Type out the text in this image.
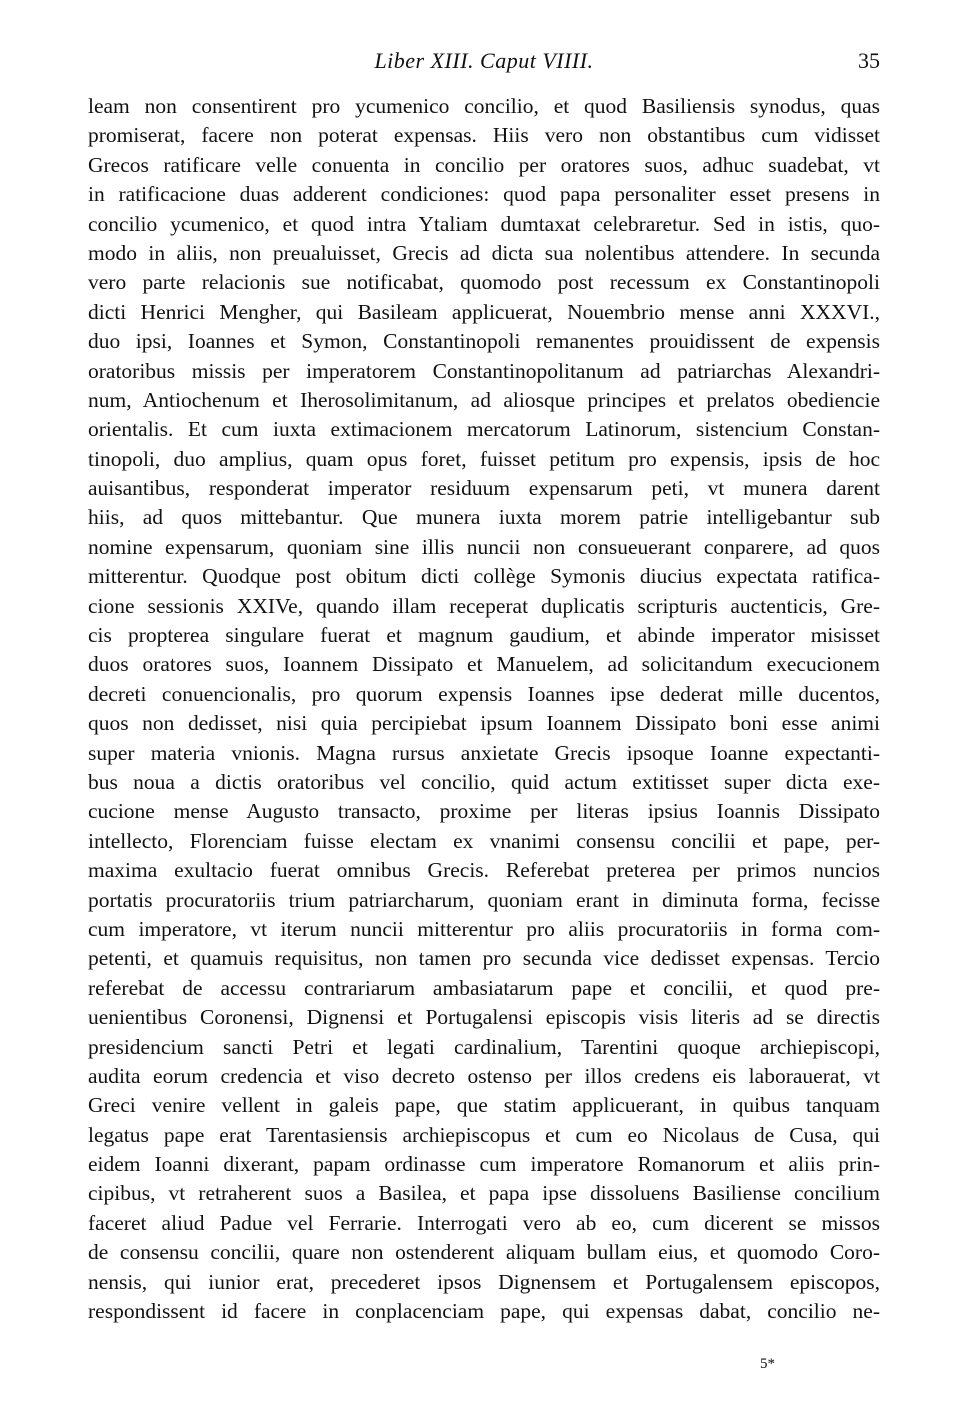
Liber XIII. Caput VIIII.	35
leam non consentirent pro ycumenico concilio, et quod Basiliensis synodus, quas
promiserat, facere non poterat expensas. Hiis vero non obstantibus cum vidisset
Grecos ratificare velle conuenta in concilio per oratores suos, adhuc suadebat, vt
in ratificacione duas adderent condiciones: quod papa personaliter esset presens in
concilio ycumenico, et quod intra Ytaliam dumtaxat celebraretur. Sed in istis, quo-
modo in aliis, non preualuisset, Grecis ad dicta sua nolentibus attendere. In secunda
vero parte relacionis sue notificabat, quomodo post recessum ex Constantinopoli
dicti Henrici Mengher, qui Basileam applicuerat, Nouembrio mense anni XXXVI.,
duo ipsi, Ioannes et Symon, Constantinopoli remanentes prouidissent de expensis
oratoribus missis per imperatorem Constantinopolitanum ad patriarchas Alexandri-
num, Antiochenum et Iherosolimitanum, ad aliosque principes et prelatos obediencie
orientalis. Et cum iuxta extimacionem mercatorum Latinorum, sistencium Constan-
tinopoli, duo amplius, quam opus foret, fuisset petitum pro expensis, ipsis de hoc
auisantibus, responderat imperator residuum expensarum peti, vt munera darent
hiis, ad quos mittebantur. Que munera iuxta morem patrie intelligebantur sub
nomine expensarum, quoniam sine illis nuncii non consueuerant conparere, ad quos
mitterentur. Quodque post obitum dicti collège Symonis diucius expectata ratifica-
cione sessionis XXIVe, quando illam receperat duplicatis scripturis auctenticis, Gre-
cis propterea singulare fuerat et magnum gaudium, et abinde imperator misisset
duos oratores suos, Ioannem Dissipato et Manuelem, ad solicitandum execucionem
decreti conuencionalis, pro quorum expensis Ioannes ipse dederat mille ducentos,
quos non dedisset, nisi quia percipiebat ipsum Ioannem Dissipato boni esse animi
super materia vnionis. Magna rursus anxietate Grecis ipsoque Ioanne expectanti-
bus noua a dictis oratoribus vel concilio, quid actum extitisset super dicta exe-
cucione mense Augusto transacto, proxime per literas ipsius Ioannis Dissipato
intellecto, Florenciam fuisse electam ex vnanimi consensu concilii et pape, per-
maxima exultacio fuerat omnibus Grecis. Referebat preterea per primos nuncios
portatis procuratoriis trium patriarcharum, quoniam erant in diminuta forma, fecisse
cum imperatore, vt iterum nuncii mitterentur pro aliis procuratoriis in forma com-
petenti, et quamuis requisitus, non tamen pro secunda vice dedisset expensas. Tercio
referebat de accessu contrariarum ambasiatarum pape et concilii, et quod pre-
uenientibus Coronensi, Dignensi et Portugalensi episcopis visis literis ad se directis
presidencium sancti Petri et legati cardinalium, Tarentini quoque archiepiscopi,
audita eorum credencia et viso decreto ostenso per illos credens eis laborauerat, vt
Greci venire vellent in galeis pape, que statim applicuerant, in quibus tanquam
legatus pape erat Tarentasiensis archiepiscopus et cum eo Nicolaus de Cusa, qui
eidem Ioanni dixerant, papam ordinasse cum imperatore Romanorum et aliis prin-
cipibus, vt retraherent suos a Basilea, et papa ipse dissoluens Basiliense concilium
faceret aliud Padue vel Ferrarie. Interrogati vero ab eo, cum dicerent se missos
de consensu concilii, quare non ostenderent aliquam bullam eius, et quomodo Coro-
nensis, qui iunior erat, precederet ipsos Dignensem et Portugalensem episcopos,
respondissent id facere in conplacenciam pape, qui expensas dabat, concilio ne-
5*
